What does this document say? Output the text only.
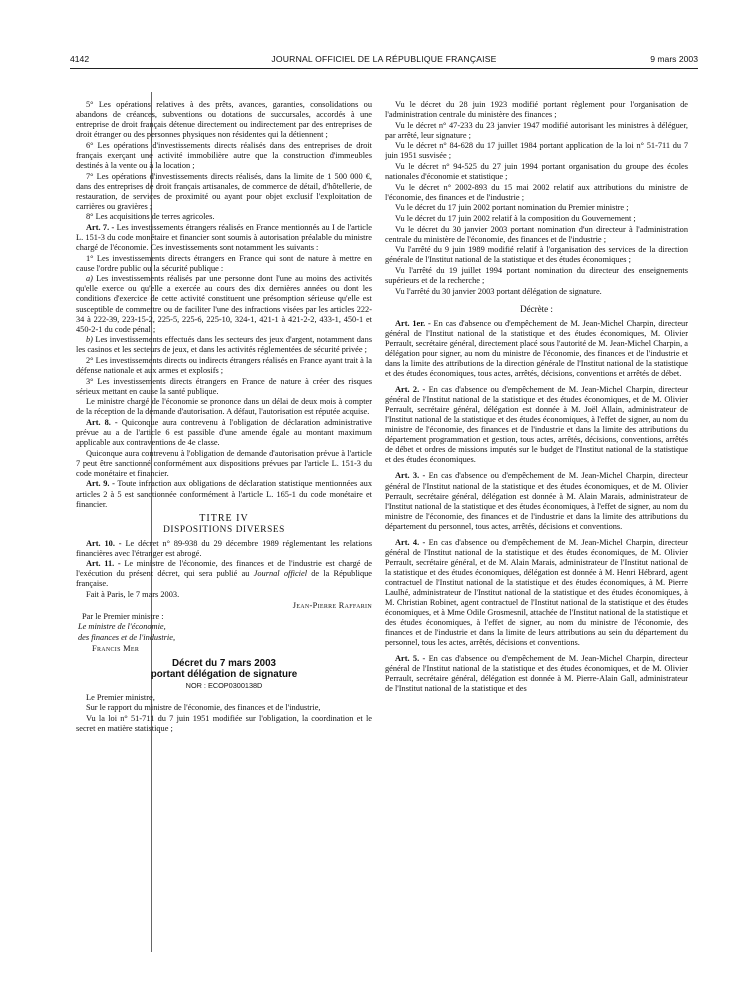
4142	JOURNAL OFFICIEL DE LA RÉPUBLIQUE FRANÇAISE	9 mars 2003

5° Les opérations relatives à des prêts, avances, garanties, consolidations ou abandons de créances, subventions ou dotations de succursales, accordés à une entreprise de droit français détenue directement ou indirectement par des entreprises de droit étranger ou des personnes physiques non résidentes qui la détiennent ;

6° Les opérations d'investissements directs réalisés dans des entreprises de droit français exerçant une activité immobilière autre que la construction d'immeubles destinés à la vente ou à la location ;

7° Les opérations d'investissements directs réalisés, dans la limite de 1 500 000 €, dans des entreprises de droit français artisanales, de commerce de détail, d'hôtellerie, de restauration, de services de proximité ou ayant pour objet exclusif l'exploitation de carrières ou gravières ;

8° Les acquisitions de terres agricoles.

Art. 7. - Les investissements étrangers réalisés en France mentionnés au I de l'article L. 151-3 du code monétaire et financier sont soumis à autorisation préalable du ministre chargé de l'économie. Ces investissements sont notamment les suivants :

1° Les investissements directs étrangers en France qui sont de nature à mettre en cause l'ordre public ou la sécurité publique :

a) Les investissements réalisés par une personne dont l'une au moins des activités qu'elle exerce ou qu'elle a exercée au cours des dix dernières années ou dont les conditions d'exercice de cette activité constituent une présomption sérieuse qu'elle est susceptible de commettre ou de faciliter l'une des infractions visées par les articles 222-34 à 222-39, 223-15-2, 225-5, 225-6, 225-10, 324-1, 421-1 à 421-2-2, 433-1, 450-1 et 450-2-1 du code pénal ;

b) Les investissements effectués dans les secteurs des jeux d'argent, notamment dans les casinos et les secteurs de jeux, et dans les activités réglementées de sécurité privée ;

2° Les investissements directs ou indirects étrangers réalisés en France ayant trait à la défense nationale et aux armes et explosifs ;

3° Les investissements directs étrangers en France de nature à créer des risques sérieux mettant en cause la santé publique.

Le ministre chargé de l'économie se prononce dans un délai de deux mois à compter de la réception de la demande d'autorisation. A défaut, l'autorisation est réputée acquise.

Art. 8. - Quiconque aura contrevenu à l'obligation de déclaration administrative prévue au a de l'article 6 est passible d'une amende égale au montant maximum applicable aux contraventions de 4e classe.

Quiconque aura contrevenu à l'obligation de demande d'autorisation prévue à l'article 7 peut être sanctionné conformément aux dispositions prévues par l'article L. 151-3 du code monétaire et financier.

Art. 9. - Toute infraction aux obligations de déclaration statistique mentionnées aux articles 2 à 5 est sanctionnée conformément à l'article L. 165-1 du code monétaire et financier.

TITRE IV
DISPOSITIONS DIVERSES

Art. 10. - Le décret n° 89-938 du 29 décembre 1989 réglementant les relations financières avec l'étranger est abrogé.

Art. 11. - Le ministre de l'économie, des finances et de l'industrie est chargé de l'exécution du présent décret, qui sera publié au Journal officiel de la République française.

Fait à Paris, le 7 mars 2003.

Jean-Pierre Raffarin

Par le Premier ministre :

Le ministre de l'économie,

des finances et de l'industrie,

Francis Mer

Décret du 7 mars 2003
portant délégation de signature
NOR : ECOP0300138D

Le Premier ministre,

Sur le rapport du ministre de l'économie, des finances et de l'industrie,

Vu la loi n° 51-711 du 7 juin 1951 modifiée sur l'obligation, la coordination et le secret en matière statistique ;

Vu le décret du 28 juin 1923 modifié portant règlement pour l'organisation de l'administration centrale du ministère des finances ;

Vu le décret n° 47-233 du 23 janvier 1947 modifié autorisant les ministres à déléguer, par arrêté, leur signature ;

Vu le décret n° 84-628 du 17 juillet 1984 portant application de la loi n° 51-711 du 7 juin 1951 susvisée ;

Vu le décret n° 94-525 du 27 juin 1994 portant organisation du groupe des écoles nationales d'économie et statistique ;

Vu le décret n° 2002-893 du 15 mai 2002 relatif aux attributions du ministre de l'économie, des finances et de l'industrie ;

Vu le décret du 17 juin 2002 portant nomination du Premier ministre ;

Vu le décret du 17 juin 2002 relatif à la composition du Gouvernement ;

Vu le décret du 30 janvier 2003 portant nomination d'un directeur à l'administration centrale du ministère de l'économie, des finances et de l'industrie ;

Vu l'arrêté du 9 juin 1989 modifié relatif à l'organisation des services de la direction générale de l'Institut national de la statistique et des études économiques ;

Vu l'arrêté du 19 juillet 1994 portant nomination du directeur des enseignements supérieurs et de la recherche ;

Vu l'arrêté du 30 janvier 2003 portant délégation de signature.

Décrète :

Art. 1er. - En cas d'absence ou d'empêchement de M. Jean-Michel Charpin, directeur général de l'Institut national de la statistique et des études économiques, M. Olivier Perrault, secrétaire général, directement placé sous l'autorité de M. Jean-Michel Charpin, a délégation pour signer, au nom du ministre de l'économie, des finances et de l'industrie et dans la limite des attributions de la direction générale de l'Institut national de la statistique et des études économiques, tous actes, arrêtés, décisions, conventions et arrêtés de débet.

Art. 2. - En cas d'absence ou d'empêchement de M. Jean-Michel Charpin, directeur général de l'Institut national de la statistique et des études économiques, et de M. Olivier Perrault, secrétaire général, délégation est donnée à M. Joël Allain, administrateur de l'Institut national de la statistique et des études économiques, à l'effet de signer, au nom du ministre de l'économie, des finances et de l'industrie et dans la limite des attributions du département programmation et gestion, tous actes, arrêtés, décisions, conventions, arrêtés de débet et ordres de missions imputés sur le budget de l'Institut national de la statistique et des études économiques.

Art. 3. - En cas d'absence ou d'empêchement de M. Jean-Michel Charpin, directeur général de l'Institut national de la statistique et des études économiques, et de M. Olivier Perrault, secrétaire général, délégation est donnée à M. Alain Marais, administrateur de l'Institut national de la statistique et des études économiques, à l'effet de signer, au nom du ministre de l'économie, des finances et de l'industrie et dans la limite des attributions du département du personnel, tous actes, arrêtés, décisions et conventions.

Art. 4. - En cas d'absence ou d'empêchement de M. Jean-Michel Charpin, directeur général de l'Institut national de la statistique et des études économiques, de M. Olivier Perrault, secrétaire général, et de M. Alain Marais, administrateur de l'Institut national de la statistique et des études économiques, délégation est donnée à M. Henri Hébrard, agent contractuel de l'Institut national de la statistique et des études économiques, à M. Pierre Laulhé, administrateur de l'Institut national de la statistique et des études économiques, à M. Christian Robinet, agent contractuel de l'Institut national de la statistique et des études économiques, et à Mme Odile Grosmesnil, attachée de l'Institut national de la statistique et des études économiques, à l'effet de signer, au nom du ministre de l'économie, des finances et de l'industrie et dans la limite de leurs attributions au sein du département du personnel, tous les actes, arrêtés, décisions et conventions.

Art. 5. - En cas d'absence ou d'empêchement de M. Jean-Michel Charpin, directeur général de l'Institut national de la statistique et des études économiques, et de M. Olivier Perrault, secrétaire général, délégation est donnée à M. Pierre-Alain Gall, administrateur de l'Institut national de la statistique et des
